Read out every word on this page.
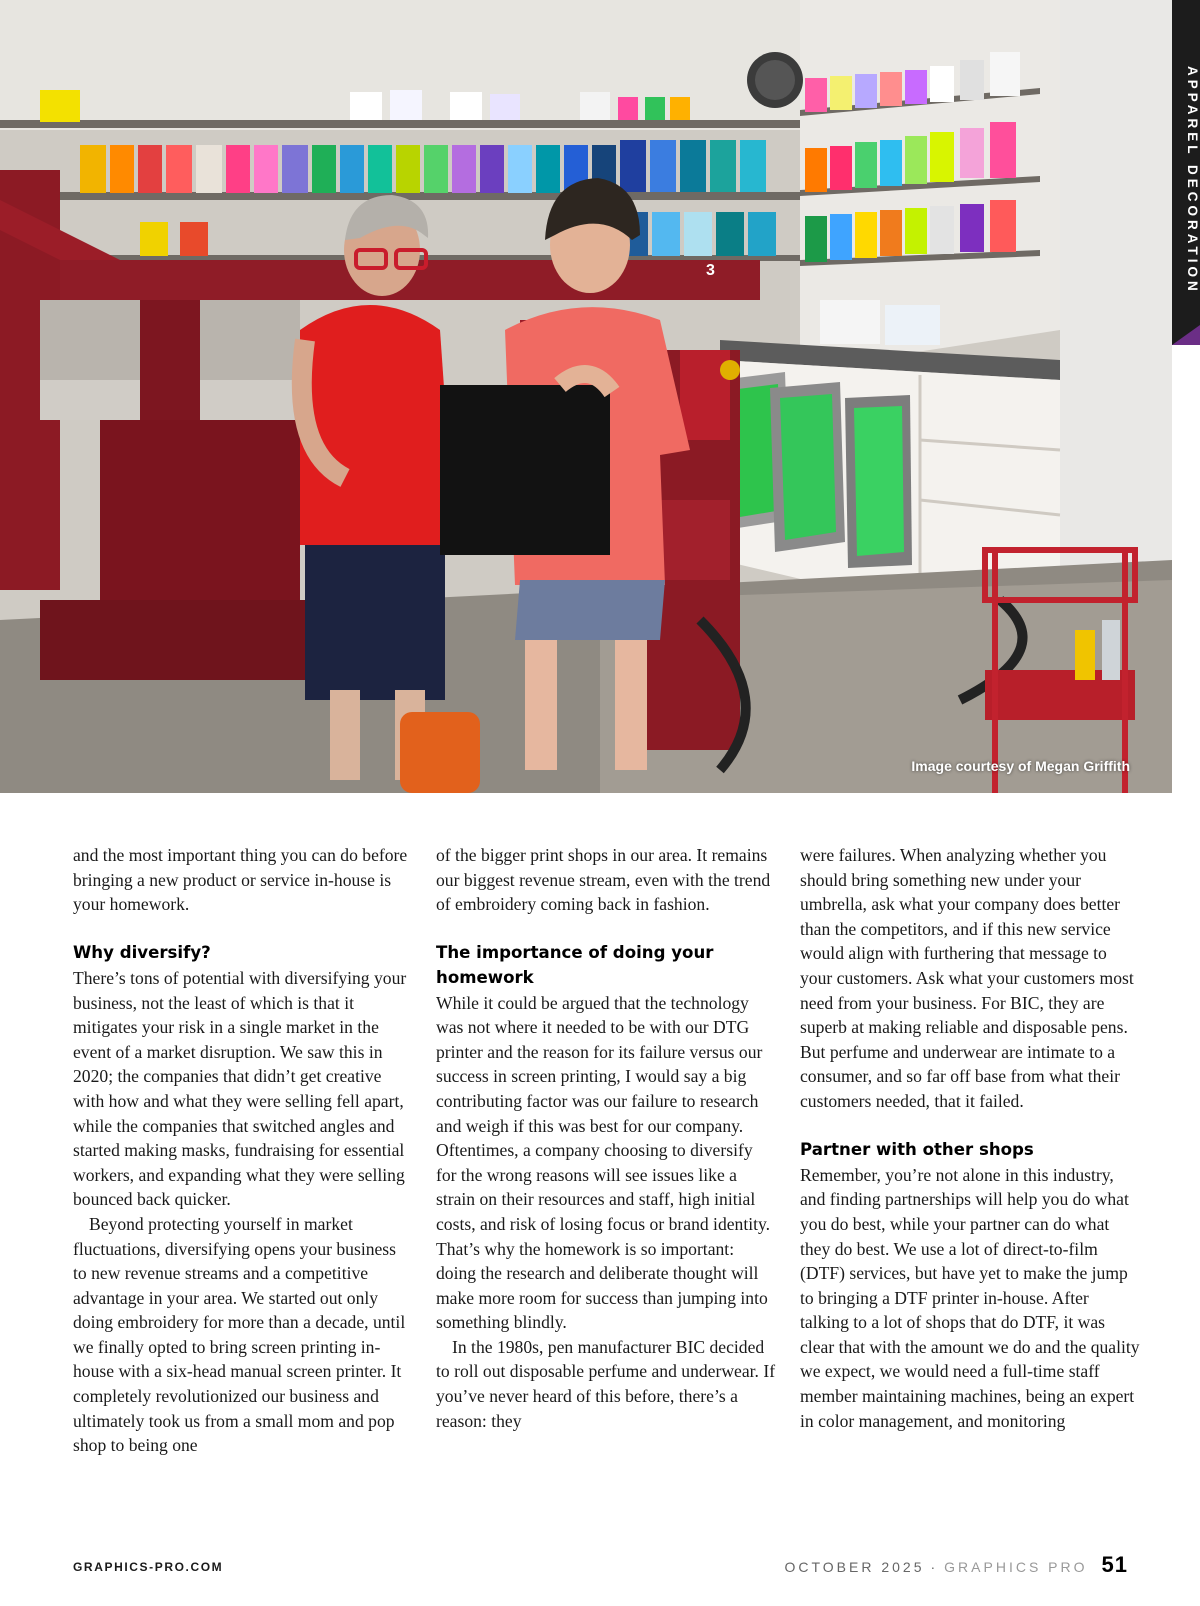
3
Image courtesy of Megan Griffith
APPAREL DECORATION

and the most important thing you can do before bringing a new product or service in-house is your homework.

Why diversify?

There’s tons of potential with diversifying your business, not the least of which is that it mitigates your risk in a single market in the event of a market disruption. We saw this in 2020; the companies that didn’t get creative with how and what they were selling fell apart, while the companies that switched angles and started making masks, fundraising for essential workers, and expanding what they were selling bounced back quicker.

Beyond protecting yourself in market fluctuations, diversifying opens your business to new revenue streams and a competitive advantage in your area. We started out only doing embroidery for more than a decade, until we finally opted to bring screen printing in-house with a six-head manual screen printer. It completely revolutionized our business and ultimately took us from a small mom and pop shop to being one

of the bigger print shops in our area. It remains our biggest revenue stream, even with the trend of embroidery coming back in fashion.

The importance of doing your homework

While it could be argued that the technology was not where it needed to be with our DTG printer and the reason for its failure versus our success in screen printing, I would say a big contributing factor was our failure to research and weigh if this was best for our company. Oftentimes, a company choosing to diversify for the wrong reasons will see issues like a strain on their resources and staff, high initial costs, and risk of losing focus or brand identity. That’s why the homework is so important: doing the research and deliberate thought will make more room for success than jumping into something blindly.

In the 1980s, pen manufacturer BIC decided to roll out disposable perfume and underwear. If you’ve never heard of this before, there’s a reason: they

were failures. When analyzing whether you should bring something new under your umbrella, ask what your company does better than the competitors, and if this new service would align with furthering that message to your customers. Ask what your customers most need from your business. For BIC, they are superb at making reliable and disposable pens. But perfume and underwear are intimate to a consumer, and so far off base from what their customers needed, that it failed.

Partner with other shops

Remember, you’re not alone in this industry, and finding partnerships will help you do what you do best, while your partner can do what they do best. We use a lot of direct-to-film (DTF) services, but have yet to make the jump to bringing a DTF printer in-house. After talking to a lot of shops that do DTF, it was clear that with the amount we do and the quality we expect, we would need a full-time staff member maintaining machines, being an expert in color management, and monitoring

GRAPHICS-PRO.COM	OCTOBER 2025 · GRAPHICS PRO 51
